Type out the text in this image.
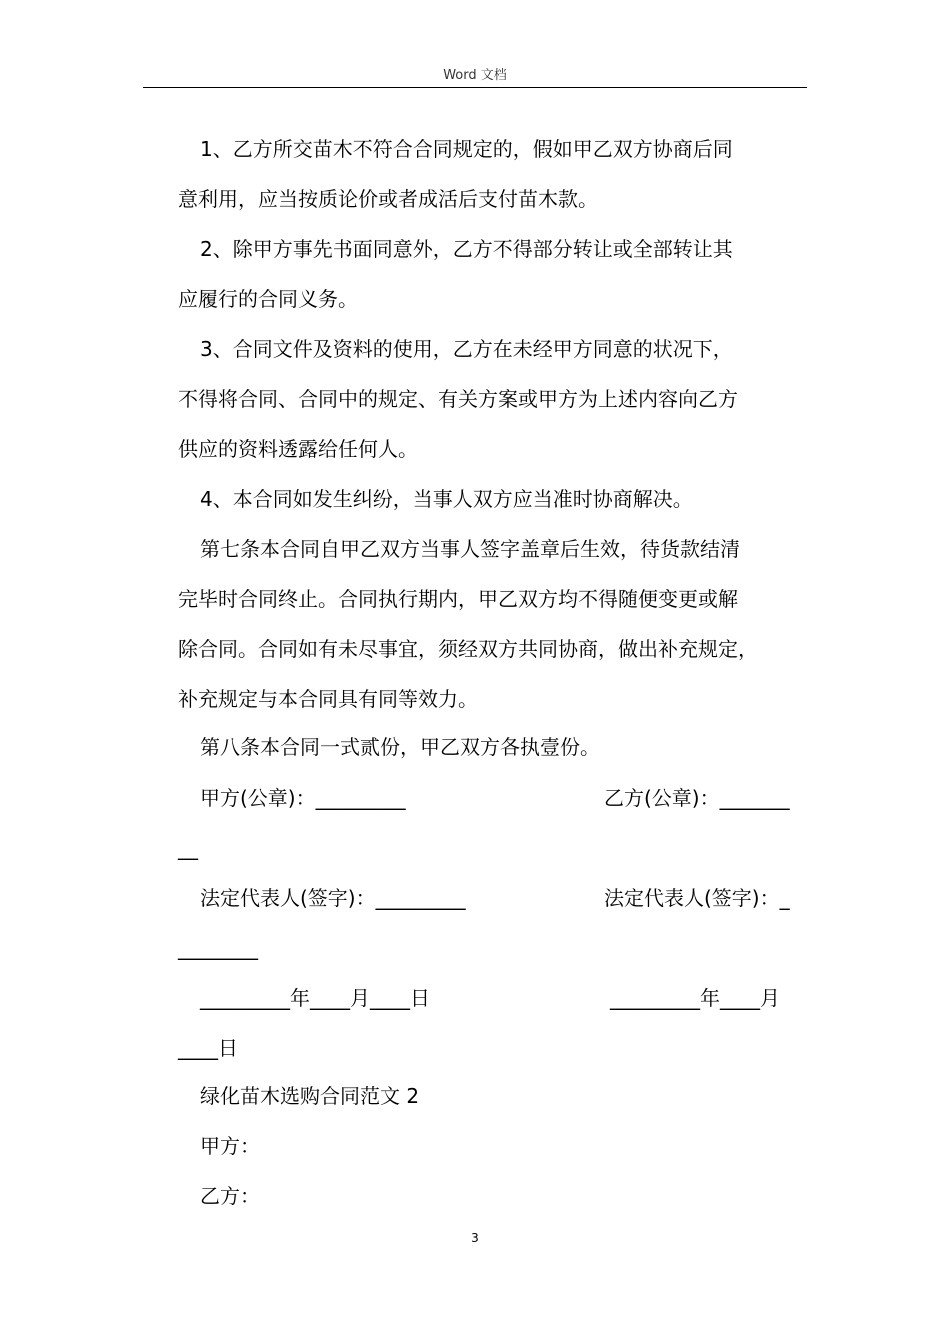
Word 文档
1、乙方所交苗木不符合合同规定的，假如甲乙双方协商后同
意利用，应当按质论价或者成活后支付苗木款。
2、除甲方事先书面同意外，乙方不得部分转让或全部转让其
应履行的合同义务。
3、合同文件及资料的使用，乙方在未经甲方同意的状况下，
不得将合同、合同中的规定、有关方案或甲方为上述内容向乙方
供应的资料透露给任何人。
4、本合同如发生纠纷，当事人双方应当准时协商解决。
第七条本合同自甲乙双方当事人签字盖章后生效，待货款结清
完毕时合同终止。合同执行期内，甲乙双方均不得随便变更或解
除合同。合同如有未尽事宜，须经双方共同协商，做出补充规定，
补充规定与本合同具有同等效力。
第八条本合同一式贰份，甲乙双方各执壹份。
甲方(公章)：_________	乙方(公章)：_______
__
法定代表人(签字)：_________	法定代表人(签字)：_
________
_________年____月____日	_________年____月
____日
绿化苗木选购合同范文 2
甲方：
乙方：
3
